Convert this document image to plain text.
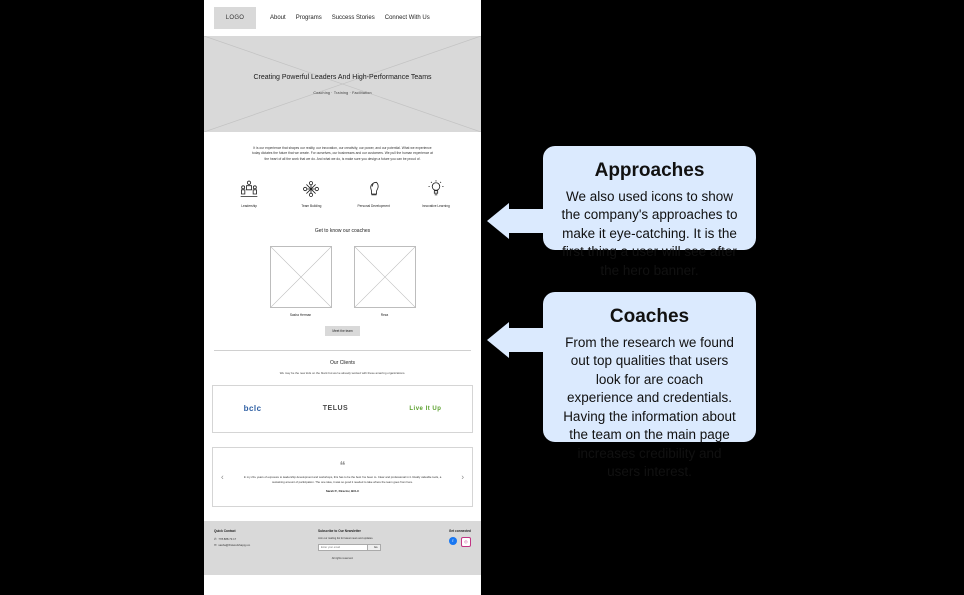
LOGO	About Programs Success Stories Connect With Us
Creating Powerful Leaders And High-Performance Teams
Coaching · Training · Facilitation
It is our experience that shapes our reality, our innovation, our creativity, our power, and our potential. What we experience today dictates the future that we create. For ourselves, our businesses and our customers. We pull the human experience at the heart of all the work that we do. And what we do, is make sure you design a future you can be proud of.
Leadership	Team Building	Personal Development	Innovative Learning
Get to know our coaches
Sasha Herman	Reza
Meet the team
Our Clients
We may be the new kids on the block but we've already worked with these amazing organizations.
bclc	TELUS	Live It Up
❝

In my 20+ years of exposure to leadership development and workshops, this has to be the best I've been to. Clear and professional in it. Really valuable tools, a sustaining amount of participation. The one idea, it was so good it needed to take where the team goes from here.

Sarah P., Director, BCLC
‹	›
Quick Contact
✆ 778.888.73.17
✉ sasha@firstworkhappy.co
Subscribe to Our Newsletter
Join our mailing list for latest news and updates.
Enter your email
Go
Get connected
f	◎
All rights reserved.
Approaches

We also used icons to show the company's approaches to make it eye-catching. It is the first thing a user will see after the hero banner.

Coaches

From the research we found out top qualities that users look for are coach experience and credentials. Having the information about the team on the main page increases credibility and users interest.
